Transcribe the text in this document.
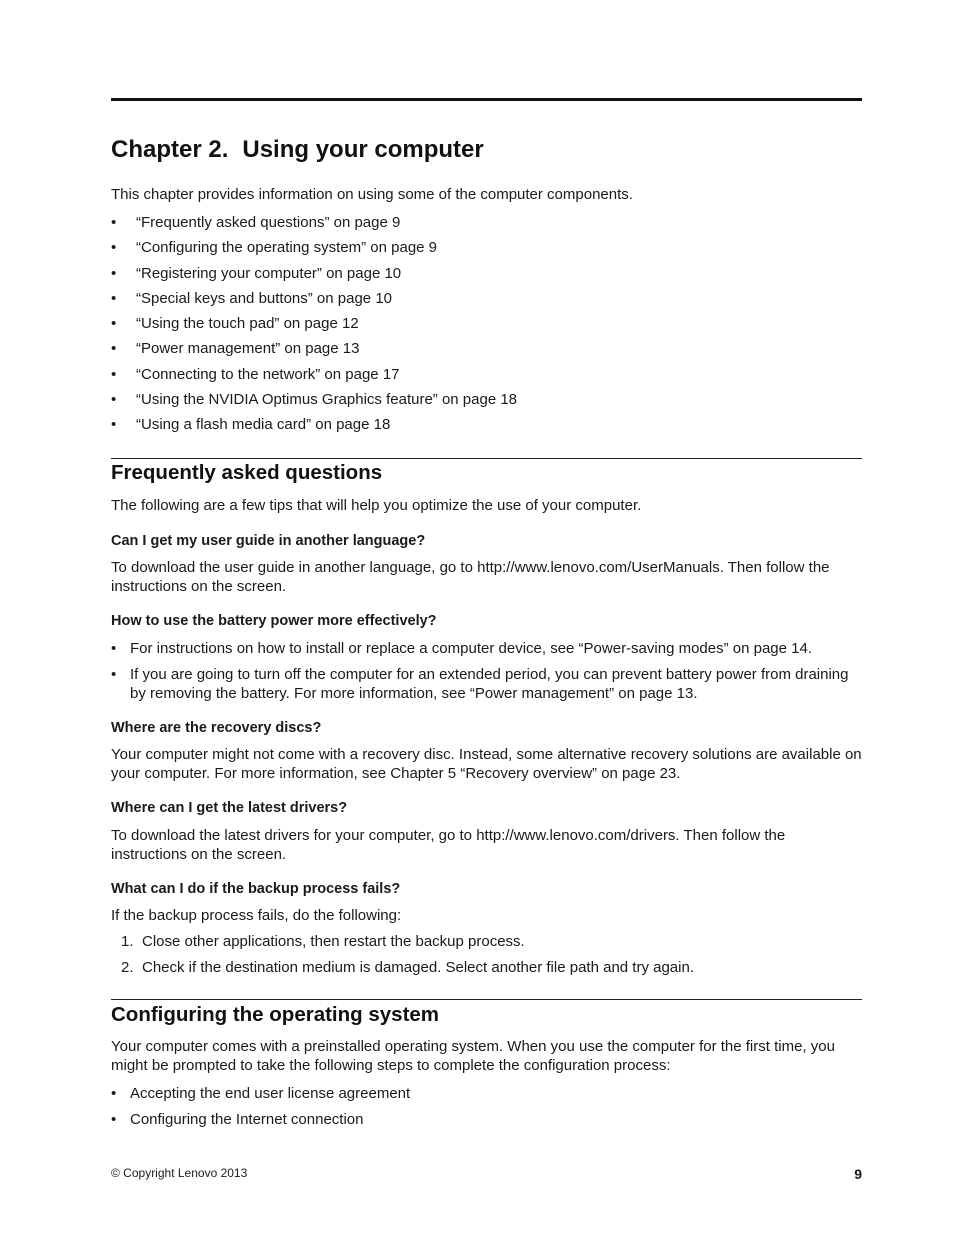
Chapter 2. Using your computer

This chapter provides information on using some of the computer components.

• “Frequently asked questions” on page 9
• “Configuring the operating system” on page 9
• “Registering your computer” on page 10
• “Special keys and buttons” on page 10
• “Using the touch pad” on page 12
• “Power management” on page 13
• “Connecting to the network” on page 17
• “Using the NVIDIA Optimus Graphics feature” on page 18
• “Using a flash media card” on page 18
Frequently asked questions

The following are a few tips that will help you optimize the use of your computer.

Can I get my user guide in another language?

To download the user guide in another language, go to http://www.lenovo.com/UserManuals. Then follow the instructions on the screen.

How to use the battery power more effectively?
• For instructions on how to install or replace a computer device, see “Power-saving modes” on page 14.
• If you are going to turn off the computer for an extended period, you can prevent battery power from draining by removing the battery. For more information, see “Power management” on page 13.
Where are the recovery discs?

Your computer might not come with a recovery disc. Instead, some alternative recovery solutions are available on your computer. For more information, see Chapter 5 “Recovery overview” on page 23.

Where can I get the latest drivers?

To download the latest drivers for your computer, go to http://www.lenovo.com/drivers. Then follow the instructions on the screen.

What can I do if the backup process fails?

If the backup process fails, do the following:

1. Close other applications, then restart the backup process.
2. Check if the destination medium is damaged. Select another file path and try again.
Configuring the operating system

Your computer comes with a preinstalled operating system. When you use the computer for the first time, you might be prompted to take the following steps to complete the configuration process:

• Accepting the end user license agreement
• Configuring the Internet connection
© Copyright Lenovo 2013	9
